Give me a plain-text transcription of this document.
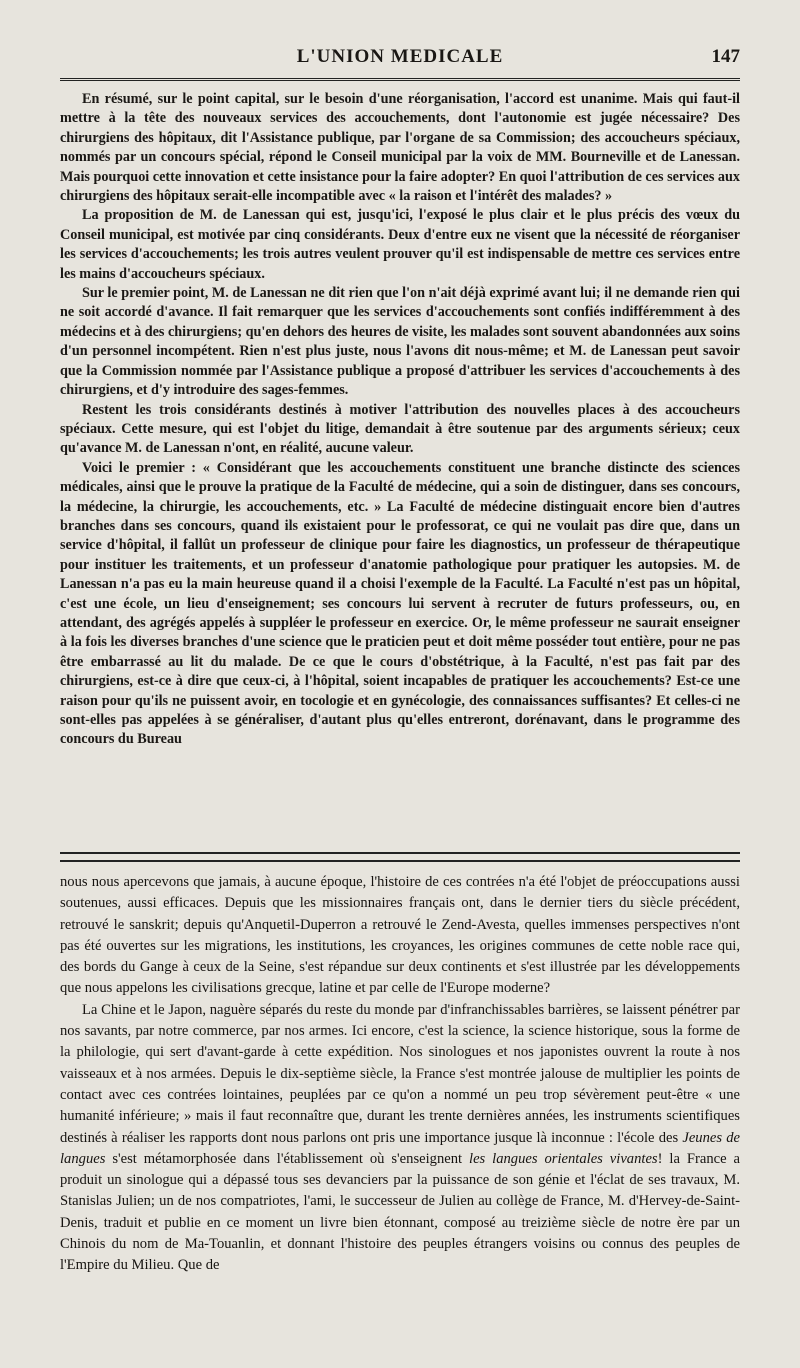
L'UNION MEDICALE	147

En résumé, sur le point capital, sur le besoin d'une réorganisation, l'accord est unanime. Mais qui faut-il mettre à la tête des nouveaux services des accouchements, dont l'autonomie est jugée nécessaire? Des chirurgiens des hôpitaux, dit l'Assistance publique, par l'organe de sa Commission; des accoucheurs spéciaux, nommés par un concours spécial, répond le Conseil municipal par la voix de MM. Bourneville et de Lanessan. Mais pourquoi cette innovation et cette insistance pour la faire adopter? En quoi l'attribution de ces services aux chirurgiens des hôpitaux serait-elle incompatible avec « la raison et l'intérêt des malades? »

La proposition de M. de Lanessan qui est, jusqu'ici, l'exposé le plus clair et le plus précis des vœux du Conseil municipal, est motivée par cinq considérants. Deux d'entre eux ne visent que la nécessité de réorganiser les services d'accouchements; les trois autres veulent prouver qu'il est indispensable de mettre ces services entre les mains d'accoucheurs spéciaux.

Sur le premier point, M. de Lanessan ne dit rien que l'on n'ait déjà exprimé avant lui; il ne demande rien qui ne soit accordé d'avance. Il fait remarquer que les services d'accouchements sont confiés indifféremment à des médecins et à des chirurgiens; qu'en dehors des heures de visite, les malades sont souvent abandonnées aux soins d'un personnel incompétent. Rien n'est plus juste, nous l'avons dit nous-même; et M. de Lanessan peut savoir que la Commission nommée par l'Assistance publique a proposé d'attribuer les services d'accouchements à des chirurgiens, et d'y introduire des sages-femmes.

Restent les trois considérants destinés à motiver l'attribution des nouvelles places à des accoucheurs spéciaux. Cette mesure, qui est l'objet du litige, demandait à être soutenue par des arguments sérieux; ceux qu'avance M. de Lanessan n'ont, en réalité, aucune valeur.

Voici le premier : « Considérant que les accouchements constituent une branche distincte des sciences médicales, ainsi que le prouve la pratique de la Faculté de médecine, qui a soin de distinguer, dans ses concours, la médecine, la chirurgie, les accouchements, etc. » La Faculté de médecine distinguait encore bien d'autres branches dans ses concours, quand ils existaient pour le professorat, ce qui ne voulait pas dire que, dans un service d'hôpital, il fallût un professeur de clinique pour faire les diagnostics, un professeur de thérapeutique pour instituer les traitements, et un professeur d'anatomie pathologique pour pratiquer les autopsies. M. de Lanessan n'a pas eu la main heureuse quand il a choisi l'exemple de la Faculté. La Faculté n'est pas un hôpital, c'est une école, un lieu d'enseignement; ses concours lui servent à recruter de futurs professeurs, ou, en attendant, des agrégés appelés à suppléer le professeur en exercice. Or, le même professeur ne saurait enseigner à la fois les diverses branches d'une science que le praticien peut et doit même posséder tout entière, pour ne pas être embarrassé au lit du malade. De ce que le cours d'obstétrique, à la Faculté, n'est pas fait par des chirurgiens, est-ce à dire que ceux-ci, à l'hôpital, soient incapables de pratiquer les accouchements? Est-ce une raison pour qu'ils ne puissent avoir, en tocologie et en gynécologie, des connaissances suffisantes? Et celles-ci ne sont-elles pas appelées à se généraliser, d'autant plus qu'elles entreront, dorénavant, dans le programme des concours du Bureau

nous nous apercevons que jamais, à aucune époque, l'histoire de ces contrées n'a été l'objet de préoccupations aussi soutenues, aussi efficaces. Depuis que les missionnaires français ont, dans le dernier tiers du siècle précédent, retrouvé le sanskrit; depuis qu'Anquetil-Duperron a retrouvé le Zend-Avesta, quelles immenses perspectives n'ont pas été ouvertes sur les migrations, les institutions, les croyances, les origines communes de cette noble race qui, des bords du Gange à ceux de la Seine, s'est répandue sur deux continents et s'est illustrée par les développements que nous appelons les civilisations grecque, latine et par celle de l'Europe moderne?

La Chine et le Japon, naguère séparés du reste du monde par d'infranchissables barrières, se laissent pénétrer par nos savants, par notre commerce, par nos armes. Ici encore, c'est la science, la science historique, sous la forme de la philologie, qui sert d'avant-garde à cette expédition. Nos sinologues et nos japonistes ouvrent la route à nos vaisseaux et à nos armées. Depuis le dix-septième siècle, la France s'est montrée jalouse de multiplier les points de contact avec ces contrées lointaines, peuplées par ce qu'on a nommé un peu trop sévèrement peut-être « une humanité inférieure; » mais il faut reconnaître que, durant les trente dernières années, les instruments scientifiques destinés à réaliser les rapports dont nous parlons ont pris une importance jusque là inconnue : l'école des Jeunes de langues s'est métamorphosée dans l'établissement où s'enseignent les langues orientales vivantes! la France a produit un sinologue qui a dépassé tous ses devanciers par la puissance de son génie et l'éclat de ses travaux, M. Stanislas Julien; un de nos compatriotes, l'ami, le successeur de Julien au collège de France, M. d'Hervey-de-Saint-Denis, traduit et publie en ce moment un livre bien étonnant, composé au treizième siècle de notre ère par un Chinois du nom de Ma-Touanlin, et donnant l'histoire des peuples étrangers voisins ou connus des peuples de l'Empire du Milieu. Que de
